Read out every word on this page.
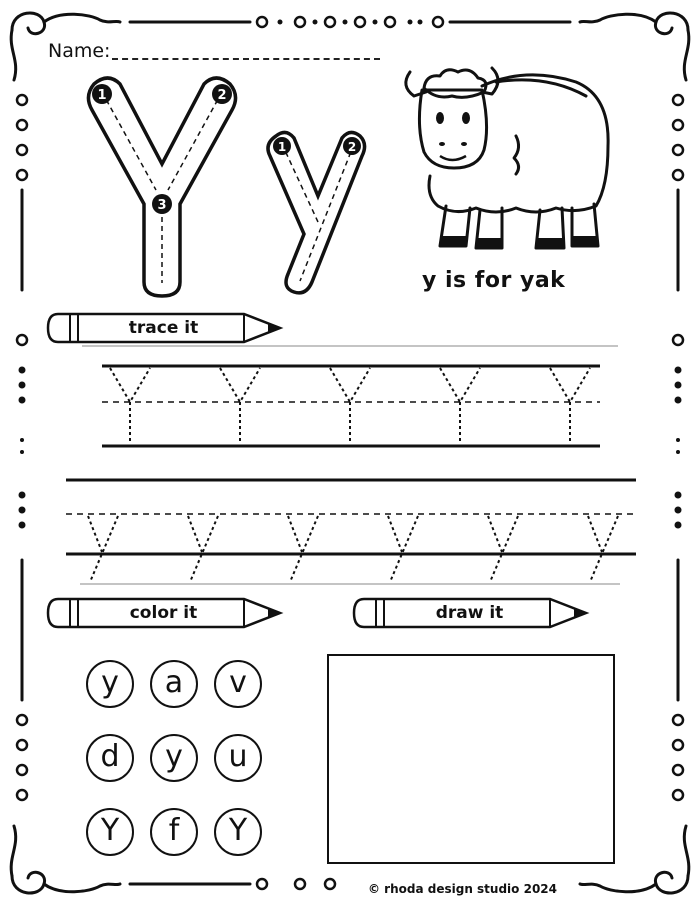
Name:
1	2
3
1	2
y is for yak
trace it
color it	draw it
y	a	v
d	y	u
Y	f	Y
© rhoda design studio 2024
